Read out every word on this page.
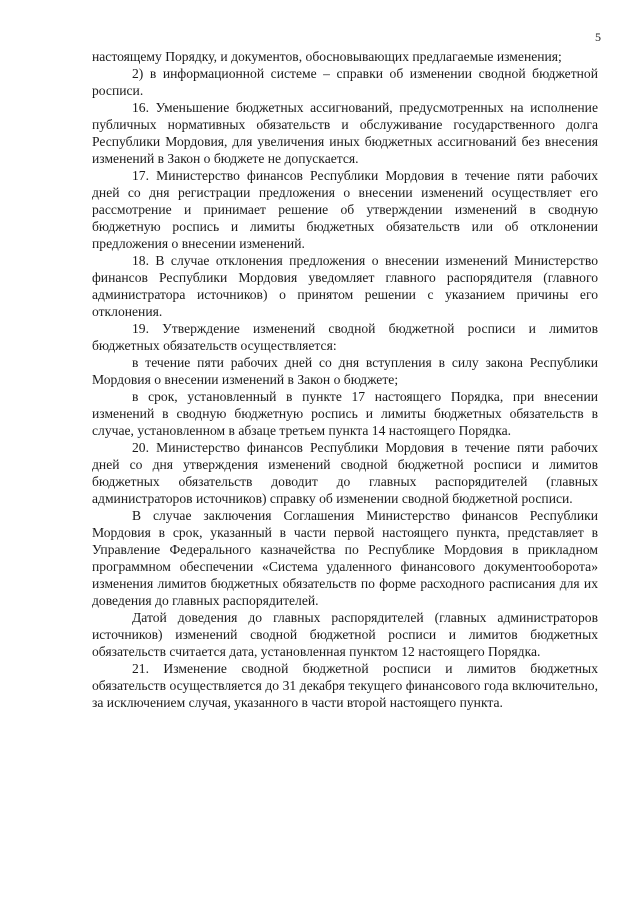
5

настоящему Порядку, и документов, обосновывающих предлагаемые изменения;

2) в информационной системе – справки об изменении сводной бюджетной росписи.

16. Уменьшение бюджетных ассигнований, предусмотренных на исполнение публичных нормативных обязательств и обслуживание государственного долга Республики Мордовия, для увеличения иных бюджетных ассигнований без внесения изменений в Закон о бюджете не допускается.

17. Министерство финансов Республики Мордовия в течение пяти рабочих дней со дня регистрации предложения о внесении изменений осуществляет его рассмотрение и принимает решение об утверждении изменений в сводную бюджетную роспись и лимиты бюджетных обязательств или об отклонении предложения о внесении изменений.

18. В случае отклонения предложения о внесении изменений Министерство финансов Республики Мордовия уведомляет главного распорядителя (главного администратора источников) о принятом решении с указанием причины его отклонения.

19. Утверждение изменений сводной бюджетной росписи и лимитов бюджетных обязательств осуществляется:

в течение пяти рабочих дней со дня вступления в силу закона Республики Мордовия о внесении изменений в Закон о бюджете;

в срок, установленный в пункте 17 настоящего Порядка, при внесении изменений в сводную бюджетную роспись и лимиты бюджетных обязательств в случае, установленном в абзаце третьем пункта 14 настоящего Порядка.

20. Министерство финансов Республики Мордовия в течение пяти рабочих дней со дня утверждения изменений сводной бюджетной росписи и лимитов бюджетных обязательств доводит до главных распорядителей (главных администраторов источников) справку об изменении сводной бюджетной росписи.

В случае заключения Соглашения Министерство финансов Республики Мордовия в срок, указанный в части первой настоящего пункта, представляет в Управление Федерального казначейства по Республике Мордовия в прикладном программном обеспечении «Система удаленного финансового документооборота» изменения лимитов бюджетных обязательств по форме расходного расписания для их доведения до главных распорядителей.

Датой доведения до главных распорядителей (главных администраторов источников) изменений сводной бюджетной росписи и лимитов бюджетных обязательств считается дата, установленная пунктом 12 настоящего Порядка.

21. Изменение сводной бюджетной росписи и лимитов бюджетных обязательств осуществляется до 31 декабря текущего финансового года включительно, за исключением случая, указанного в части второй настоящего пункта.
